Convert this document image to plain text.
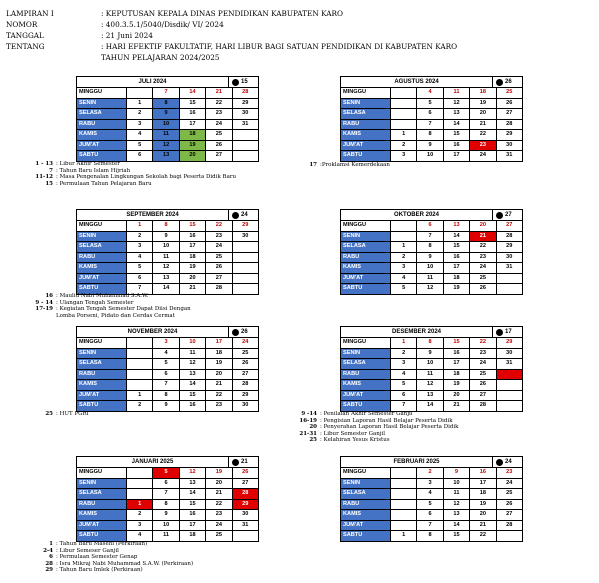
LAMPIRAN I	: KEPUTUSAN KEPALA DINAS PENDIDIKAN KABUPATEN KARO
NOMOR	: 400.3.5.1/5040/Disdik/ VI/ 2024
TANGGAL	: 21 Juni 2024
TENTANG	: HARI EFEKTIF FAKULTATIF, HARI LIBUR BAGI SATUAN PENDIDIKAN DI KABUPATEN KARO
TAHUN PELAJARAN 2024/2025
JULI 2024	15
MINGGU		7	14	21	28
SENIN	1	8	15	22	29
SELASA	2	9	16	23	30
RABU	3	10	17	24	31
KAMIS	4	11	18	25	
JUM'AT	5	12	19	26	
SABTU	6	13	20	27	
1 - 13 : Libur Akhir Semester
7 : Tahun Baru Islam Hijriah
11-12 : Masa Pengenalan Lingkungan Sekolah bagi Peserta Didik Baru
15 : Permulaan Tahun Pelajaran Baru
AGUSTUS 2024	26
MINGGU		4	11	18	25
SENIN		5	12	19	26
SELASA		6	13	20	27
RABU		7	14	21	28
KAMIS	1	8	15	22	29
JUM'AT	2	9	16	23	30
SABTU	3	10	17	24	31
17 :Proklamsi Kemerdekaan
SEPTEMBER 2024	24
MINGGU	1	8	15	22	29
SENIN	2	9	16	23	30
SELASA	3	10	17	24	
RABU	4	11	18	25	
KAMIS	5	12	19	26	
JUM'AT	6	13	20	27	
SABTU	7	14	21	28	
16 : Maulid Nabi Muhammad S.A.W.
9 - 14 : Ulangan Tengah Semester
17-19 : Kegiatan Tengah Semester Dapat Diisi Dengan
Lomba Porseni, Pidato dan Cerdas Cermat
OKTOBER 2024	27
MINGGU		6	13	20	27
SENIN		7	14	21	28
SELASA	1	8	15	22	29
RABU	2	9	16	23	30
KAMIS	3	10	17	24	31
JUM'AT	4	11	18	25	
SABTU	5	12	19	26	
NOVEMBER 2024	26
MINGGU		3	10	17	24
SENIN		4	11	18	25
SELASA		5	12	19	26
RABU		6	13	20	27
KAMIS		7	14	21	28
JUM'AT	1	8	15	22	29
SABTU	2	9	16	23	30
25 : HUT PGRI
DESEMBER 2024	17
MINGGU	1	8	15	22	29
SENIN	2	9	16	23	30
SELASA	3	10	17	24	31
RABU	4	11	18	25	
KAMIS	5	12	19	26	
JUM'AT	6	13	20	27	
SABTU	7	14	21	28	
9 -14 : Penilaian Akhir Semester Ganjil
16-19 : Pengisian Laporan Hasil Belajar Peserta Didik
20 : Penyerahan Laporan Hasil Belajar Peserta Didik
21-31 : Libur Semester Ganjil
25 : Kelahiran Yesus Kristus
JANUARI 2025	21
MINGGU		5	12	19	26
SENIN		6	13	20	27
SELASA		7	14	21	28
RABU	1	8	15	22	29
KAMIS	2	9	16	23	30
JUM'AT	3	10	17	24	31
SABTU	4	11	18	25	
1 : Tahun Baru Masehi (Perkiraan)
2-4 : Libur Semeser Ganjil
6 : Permulaan Semester Genap
28 : Isra Mikraj Nabi Muhammad S.A.W. (Perkiraan)
29 : Tahun Baru Imlek (Perkiraan)
FEBRUARI 2025	24
MINGGU		2	9	16	23
SENIN		3	10	17	24
SELASA		4	11	18	25
RABU		5	12	19	26
KAMIS		6	13	20	27
JUM'AT		7	14	21	28
SABTU	1	8	15	22	
